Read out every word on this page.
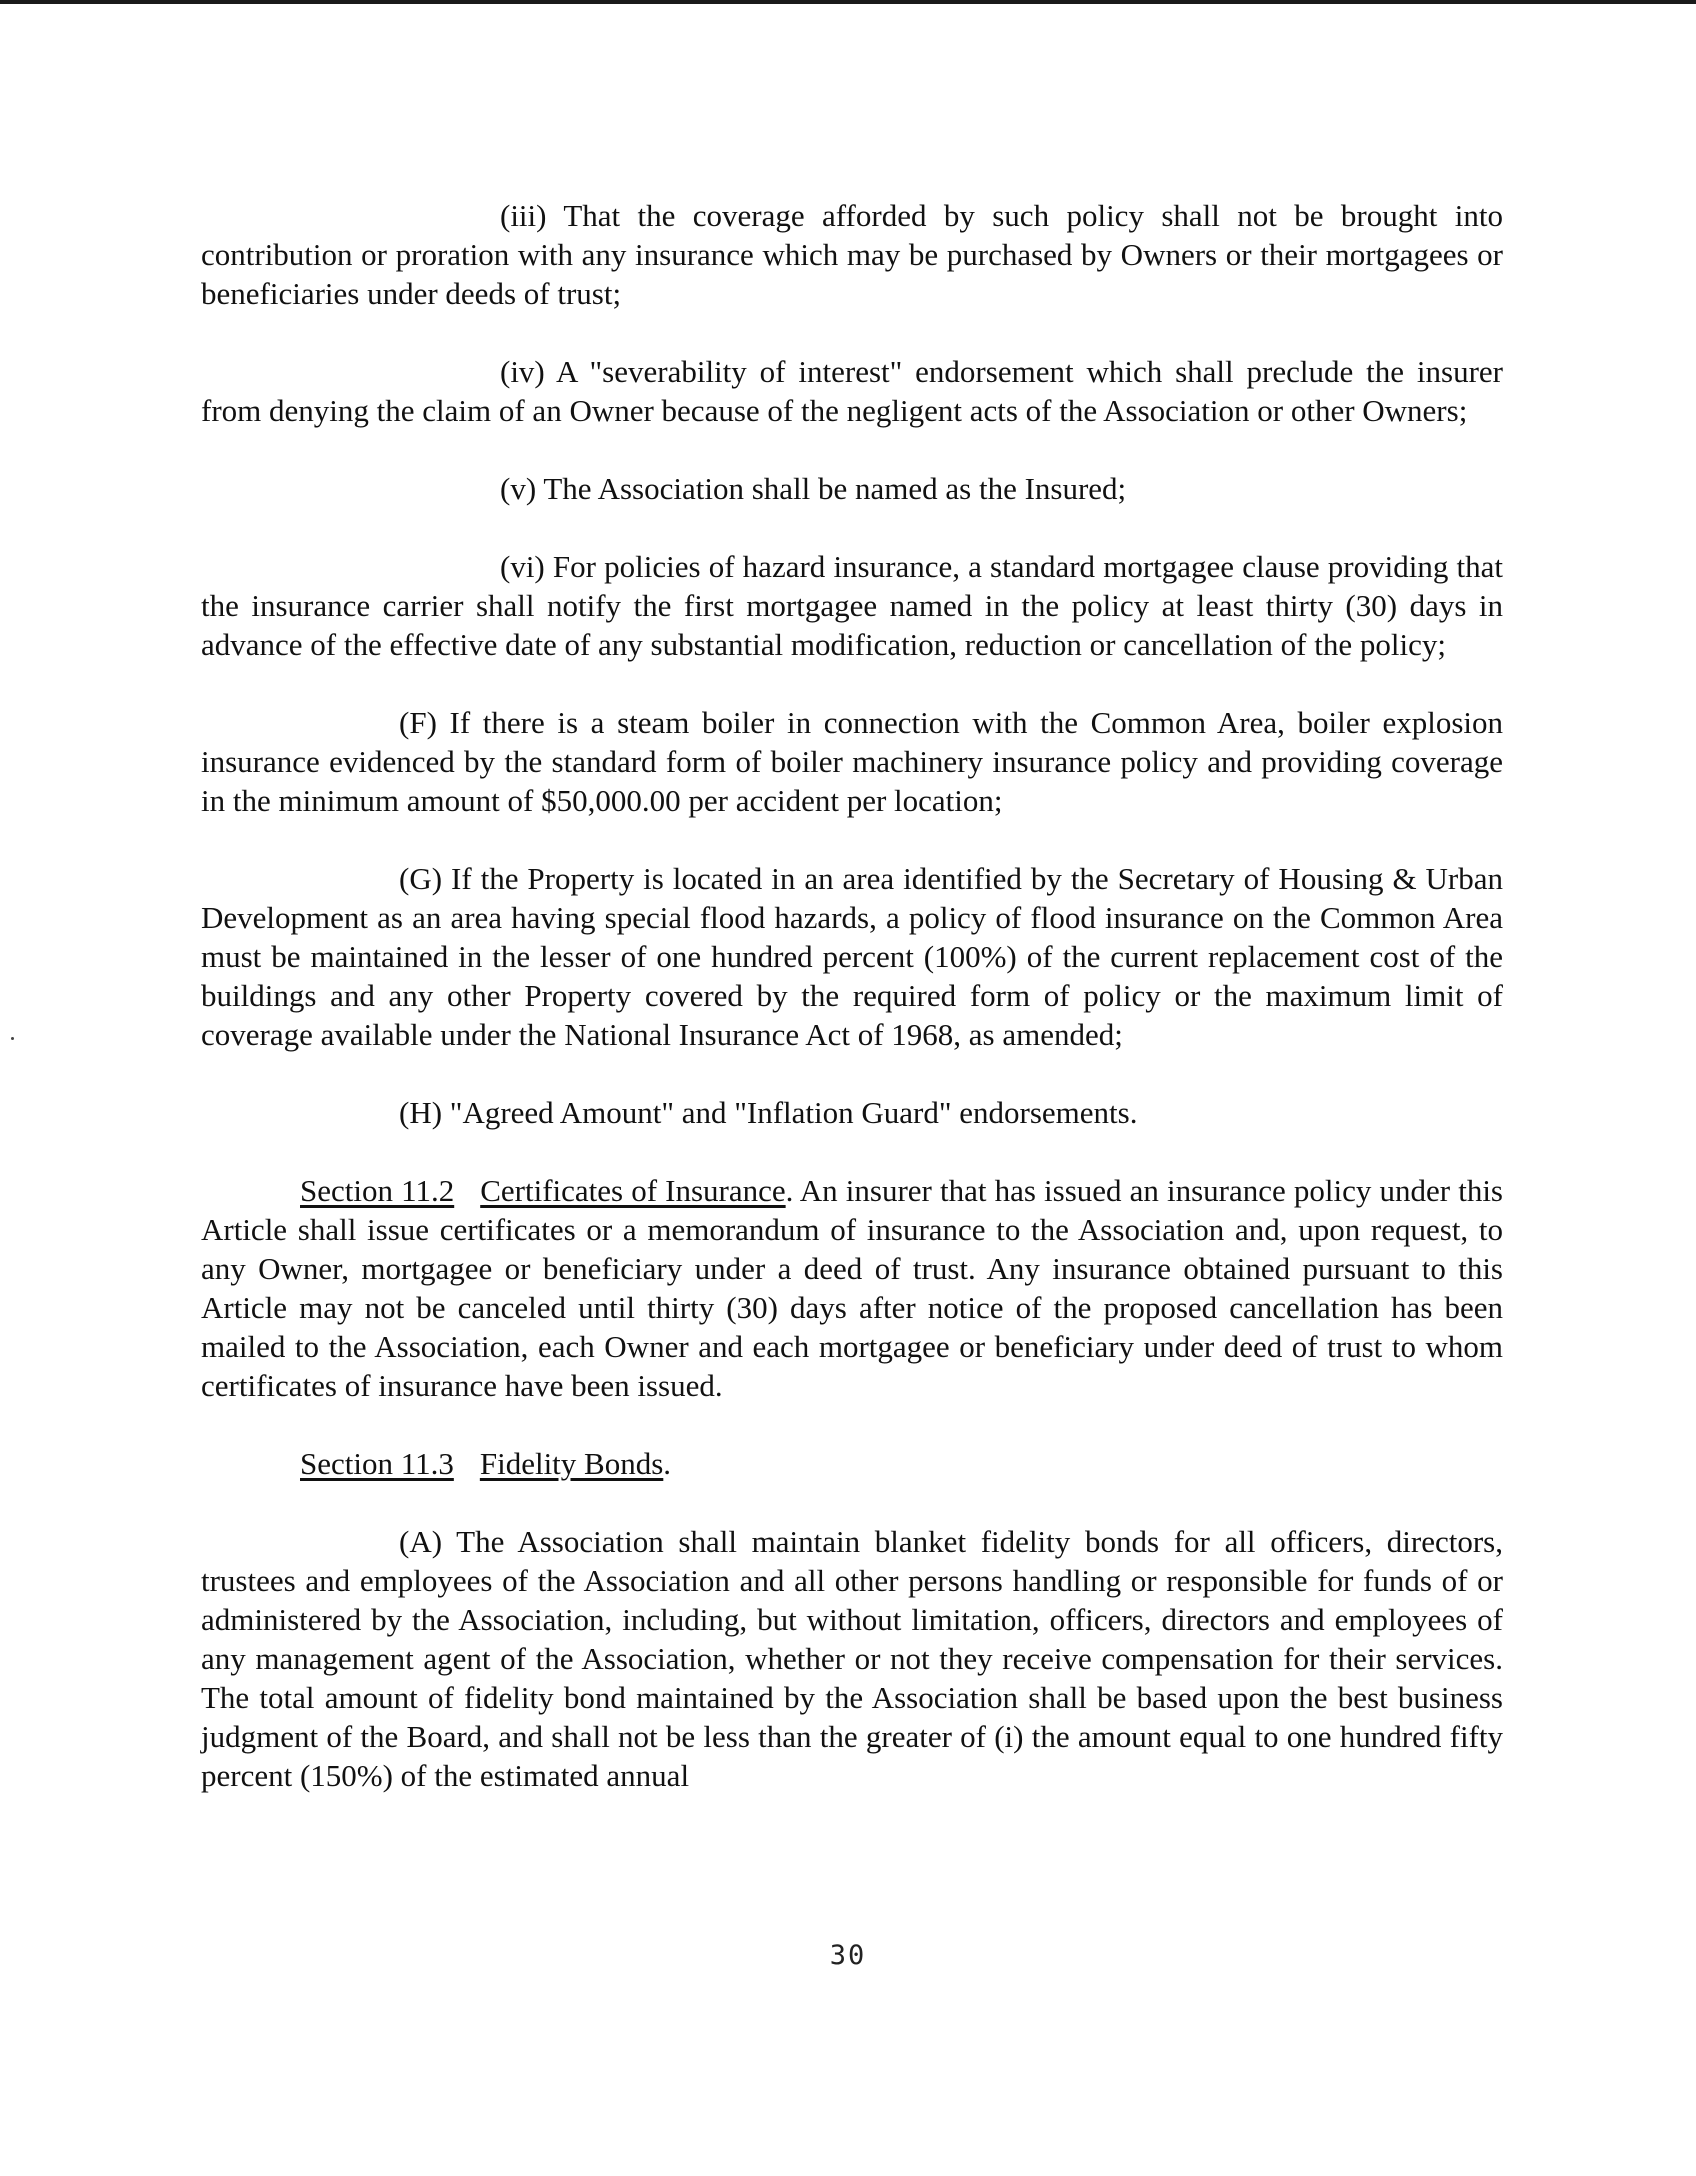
(iii) That the coverage afforded by such policy shall not be brought into contribution or proration with any insurance which may be purchased by Owners or their mortgagees or beneficiaries under deeds of trust;

(iv) A "severability of interest" endorsement which shall preclude the insurer from denying the claim of an Owner because of the negligent acts of the Association or other Owners;

(v) The Association shall be named as the Insured;

(vi) For policies of hazard insurance, a standard mortgagee clause providing that the insurance carrier shall notify the first mortgagee named in the policy at least thirty (30) days in advance of the effective date of any substantial modification, reduction or cancellation of the policy;

(F) If there is a steam boiler in connection with the Common Area, boiler explosion insurance evidenced by the standard form of boiler machinery insurance policy and providing coverage in the minimum amount of $50,000.00 per accident per location;

(G) If the Property is located in an area identified by the Secretary of Housing & Urban Development as an area having special flood hazards, a policy of flood insurance on the Common Area must be maintained in the lesser of one hundred percent (100%) of the current replacement cost of the buildings and any other Property covered by the required form of policy or the maximum limit of coverage available under the National Insurance Act of 1968, as amended;

(H) "Agreed Amount" and "Inflation Guard" endorsements.

Section 11.2 Certificates of Insurance. An insurer that has issued an insurance policy under this Article shall issue certificates or a memorandum of insurance to the Association and, upon request, to any Owner, mortgagee or beneficiary under a deed of trust. Any insurance obtained pursuant to this Article may not be canceled until thirty (30) days after notice of the proposed cancellation has been mailed to the Association, each Owner and each mortgagee or beneficiary under deed of trust to whom certificates of insurance have been issued.

Section 11.3 Fidelity Bonds.

(A) The Association shall maintain blanket fidelity bonds for all officers, directors, trustees and employees of the Association and all other persons handling or responsible for funds of or administered by the Association, including, but without limitation, officers, directors and employees of any management agent of the Association, whether or not they receive compensation for their services. The total amount of fidelity bond maintained by the Association shall be based upon the best business judgment of the Board, and shall not be less than the greater of (i) the amount equal to one hundred fifty percent (150%) of the estimated annual

30
